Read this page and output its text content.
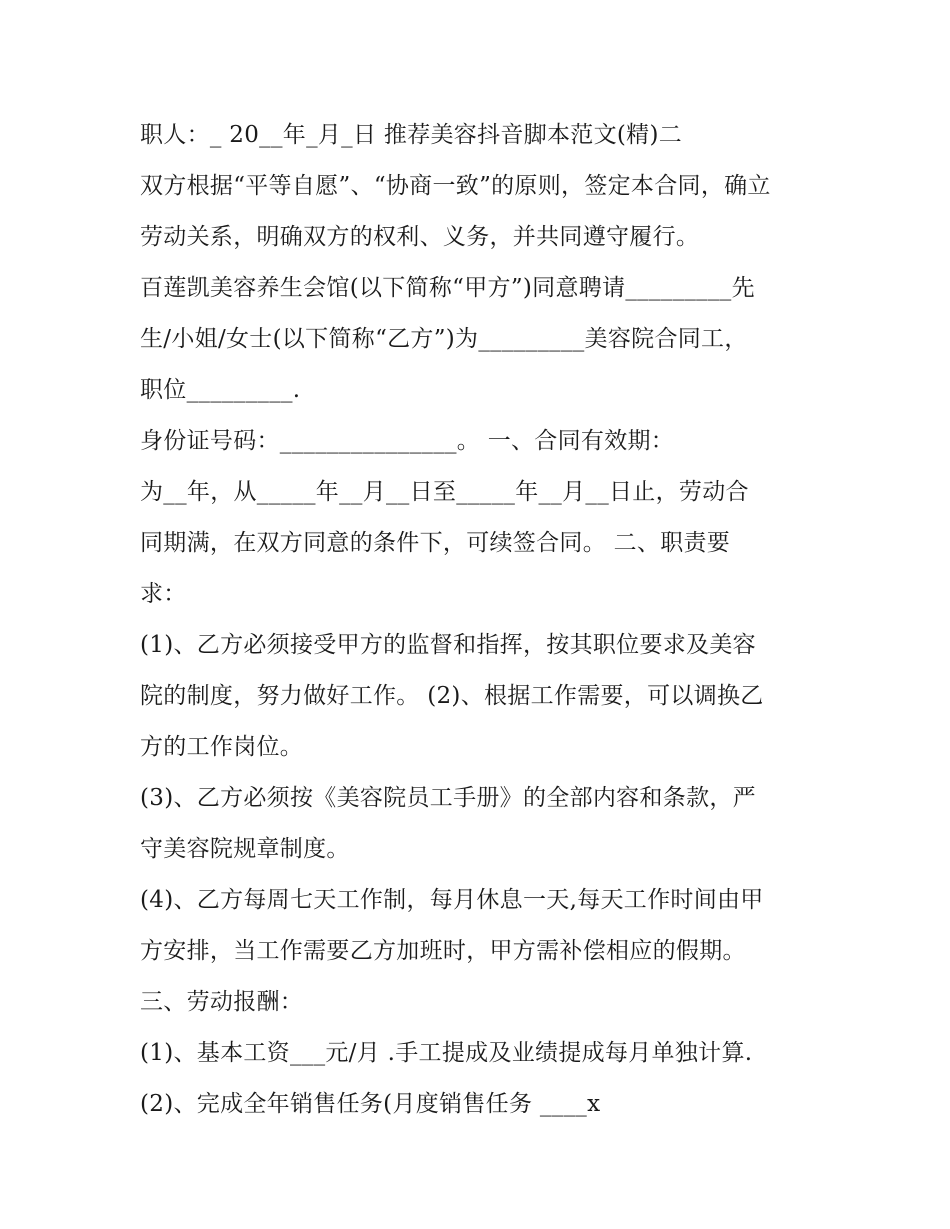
职人：_ 20__年_月_日 推荐美容抖音脚本范文(精)二
双方根据“平等自愿”、“协商一致”的原则，签定本合同，确立
劳动关系，明确双方的权利、义务，并共同遵守履行。
百莲凯美容养生会馆(以下简称“甲方”)同意聘请_________先
生/小姐/女士(以下简称“乙方”)为_________美容院合同工，
职位_________.
身份证号码：_______________。 一、合同有效期：
为__年，从_____年__月__日至_____年__月__日止，劳动合
同期满，在双方同意的条件下，可续签合同。 二、职责要
求：
(1)、乙方必须接受甲方的监督和指挥，按其职位要求及美容
院的制度，努力做好工作。 (2)、根据工作需要，可以调换乙
方的工作岗位。
(3)、乙方必须按《美容院员工手册》的全部内容和条款，严
守美容院规章制度。
(4)、乙方每周七天工作制，每月休息一天,每天工作时间由甲
方安排，当工作需要乙方加班时，甲方需补偿相应的假期。
三、劳动报酬：
(1)、基本工资___元/月 .手工提成及业绩提成每月单独计算.
(2)、完成全年销售任务(月度销售任务 ____x
